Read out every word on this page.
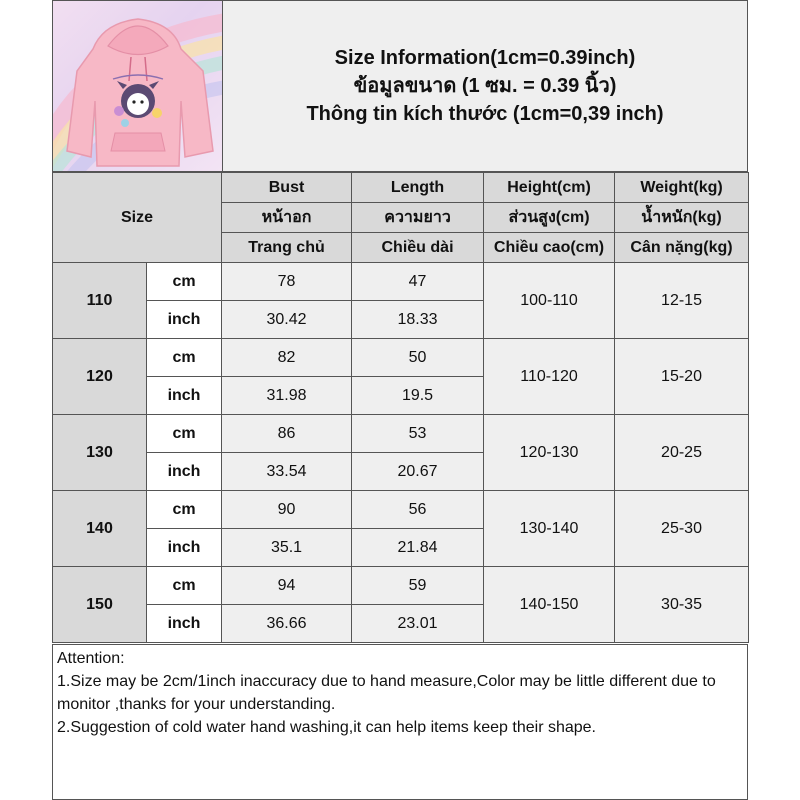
Size Information(1cm=0.39inch)
ข้อมูลขนาด (1 ซม. = 0.39 นิ้ว)
Thông tin kích thước (1cm=0,39 inch)
Size		Bust	Length	Height(cm)	Weight(kg)
		หน้าอก	ความยาว	ส่วนสูง(cm)	น้ำหนัก(kg)
		Trang chủ	Chiều dài	Chiều cao(cm)	Cân nặng(kg)
110	cm	78	47	100-110	12-15
	inch	30.42	18.33		
120	cm	82	50	110-120	15-20
	inch	31.98	19.5		
130	cm	86	53	120-130	20-25
	inch	33.54	20.67		
140	cm	90	56	130-140	25-30
	inch	35.1	21.84		
150	cm	94	59	140-150	30-35
	inch	36.66	23.01		
Attention:
1.Size may be 2cm/1inch inaccuracy due to hand measure,Color may be little different due to monitor ,thanks for your understanding.
2.Suggestion of cold water hand washing,it can help items keep their shape.
